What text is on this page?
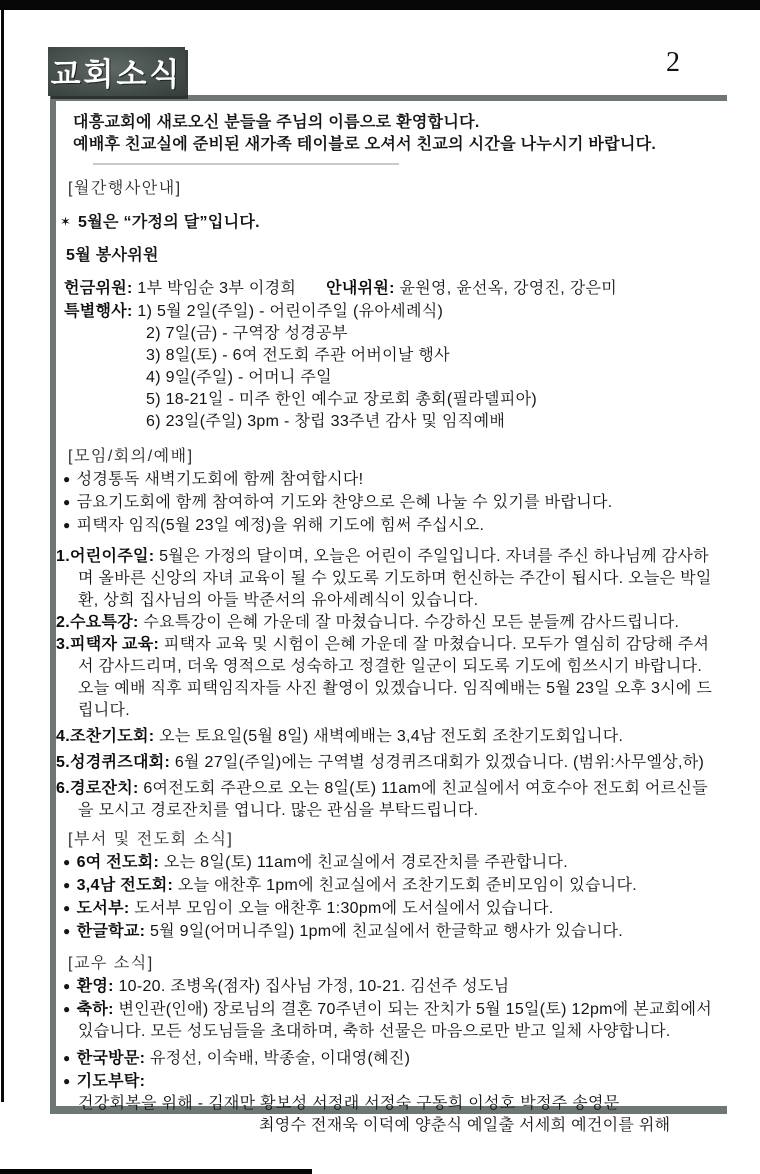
교회소식	2

대흥교회에 새로오신 분들을 주님의 이름으로 환영합니다.

예배후 친교실에 준비된 새가족 테이블로 오셔서 친교의 시간을 나누시기 바랍니다.

[월간행사안내]

✶ 5월은 “가정의 달”입니다.

5월 봉사위원

헌금위원: 1부 박임순 3부 이경희 안내위원: 윤원영, 윤선옥, 강영진, 강은미

특별행사: 1) 5월 2일(주일) - 어린이주일 (유아세례식)

2) 7일(금) - 구역장 성경공부

3) 8일(토) - 6여 전도회 주관 어버이날 행사

4) 9일(주일) - 어머니 주일

5) 18-21일 - 미주 한인 예수교 장로회 총회(필라델피아)

6) 23일(주일) 3pm - 창립 33주년 감사 및 임직예배

[모임/회의/예배]

● 성경통독 새벽기도회에 함께 참여합시다!

● 금요기도회에 함께 참여하여 기도와 찬양으로 은혜 나눌 수 있기를 바랍니다.

● 피택자 임직(5월 23일 예정)을 위해 기도에 힘써 주십시오.

1.어린이주일: 5월은 가정의 달이며, 오늘은 어린이 주일입니다. 자녀를 주신 하나님께 감사하며 올바른 신앙의 자녀 교육이 될 수 있도록 기도하며 헌신하는 주간이 됩시다. 오늘은 박일환, 상희 집사님의 아들 박준서의 유아세례식이 있습니다.

2.수요특강: 수요특강이 은혜 가운데 잘 마쳤습니다. 수강하신 모든 분들께 감사드립니다.

3.피택자 교육: 피택자 교육 및 시험이 은혜 가운데 잘 마쳤습니다. 모두가 열심히 감당해 주셔서 감사드리며, 더욱 영적으로 성숙하고 정결한 일군이 되도록 기도에 힘쓰시기 바랍니다. 오늘 예배 직후 피택임직자들 사진 촬영이 있겠습니다. 임직예배는 5월 23일 오후 3시에 드립니다.

4.조찬기도회: 오는 토요일(5월 8일) 새벽예배는 3,4남 전도회 조찬기도회입니다.

5.성경퀴즈대회: 6월 27일(주일)에는 구역별 성경퀴즈대회가 있겠습니다. (범위:사무엘상,하)

6.경로잔치: 6여전도회 주관으로 오는 8일(토) 11am에 친교실에서 여호수아 전도회 어르신들을 모시고 경로잔치를 엽니다. 많은 관심을 부탁드립니다.

[부서 및 전도회 소식]

● 6여 전도회: 오는 8일(토) 11am에 친교실에서 경로잔치를 주관합니다.

● 3,4남 전도회: 오늘 애찬후 1pm에 친교실에서 조찬기도회 준비모임이 있습니다.

● 도서부: 도서부 모임이 오늘 애찬후 1:30pm에 도서실에서 있습니다.

● 한글학교: 5월 9일(어머니주일) 1pm에 친교실에서 한글학교 행사가 있습니다.

[교우 소식]

● 환영: 10-20. 조병옥(점자) 집사님 가정, 10-21. 김선주 성도님

● 축하: 변인관(인애) 장로님의 결혼 70주년이 되는 잔치가 5월 15일(토) 12pm에 본교회에서 있습니다. 모든 성도님들을 초대하며, 축하 선물은 마음으로만 받고 일체 사양합니다.

● 한국방문: 유정선, 이숙배, 박종술, 이대영(혜진)

● 기도부탁:

건강회복을 위해 - 김재만 황보성 서정래 서정숙 구동희 이성호 박정주 송영문

최영수 전재욱 이덕예 양춘식 예일출 서세희 예건이를 위해
